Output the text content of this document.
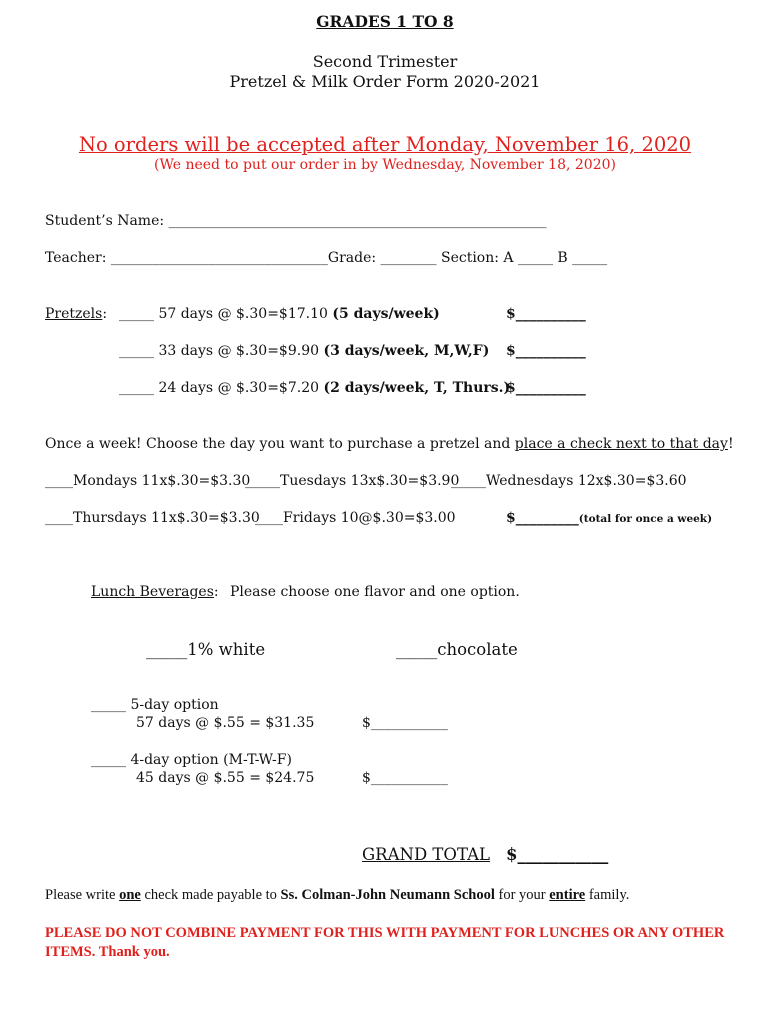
GRADES 1 TO 8
Second Trimester
Pretzel & Milk Order Form 2020-2021
No orders will be accepted after Monday, November 16, 2020
(We need to put our order in by Wednesday, November 18, 2020)
Student’s Name: ______________________________________________________
Teacher: _______________________________Grade: ________ Section: A _____ B _____
Pretzels: _____ 57 days @ $.30=$17.10 (5 days/week)	$__________
_____ 33 days @ $.30=$9.90 (3 days/week, M,W,F) $__________
_____ 24 days @ $.30=$7.20 (2 days/week, T, Thurs.)
$__________
Once a week! Choose the day you want to purchase a pretzel and place a check next to that day!
____Mondays 11x$.30=$3.30
_____Tuesdays 13x$.30=$3.90
_____Wednesdays 12x$.30=$3.60
____Thursdays 11x$.30=$3.30
____Fridays 10@$.30=$3.00	$_________(total for once a week)
Lunch Beverages: Please choose one flavor and one option.
_____1% white	_____chocolate
_____ 5-day option
57 days @ $.55 = $31.35	$___________
_____ 4-day option (M-T-W-F)
45 days @ $.55 = $24.75	$___________
GRAND TOTAL $___________
Please write one check made payable to Ss. Colman-John Neumann School for your entire family.
PLEASE DO NOT COMBINE PAYMENT FOR THIS WITH PAYMENT FOR LUNCHES OR ANY OTHER ITEMS. Thank you.
